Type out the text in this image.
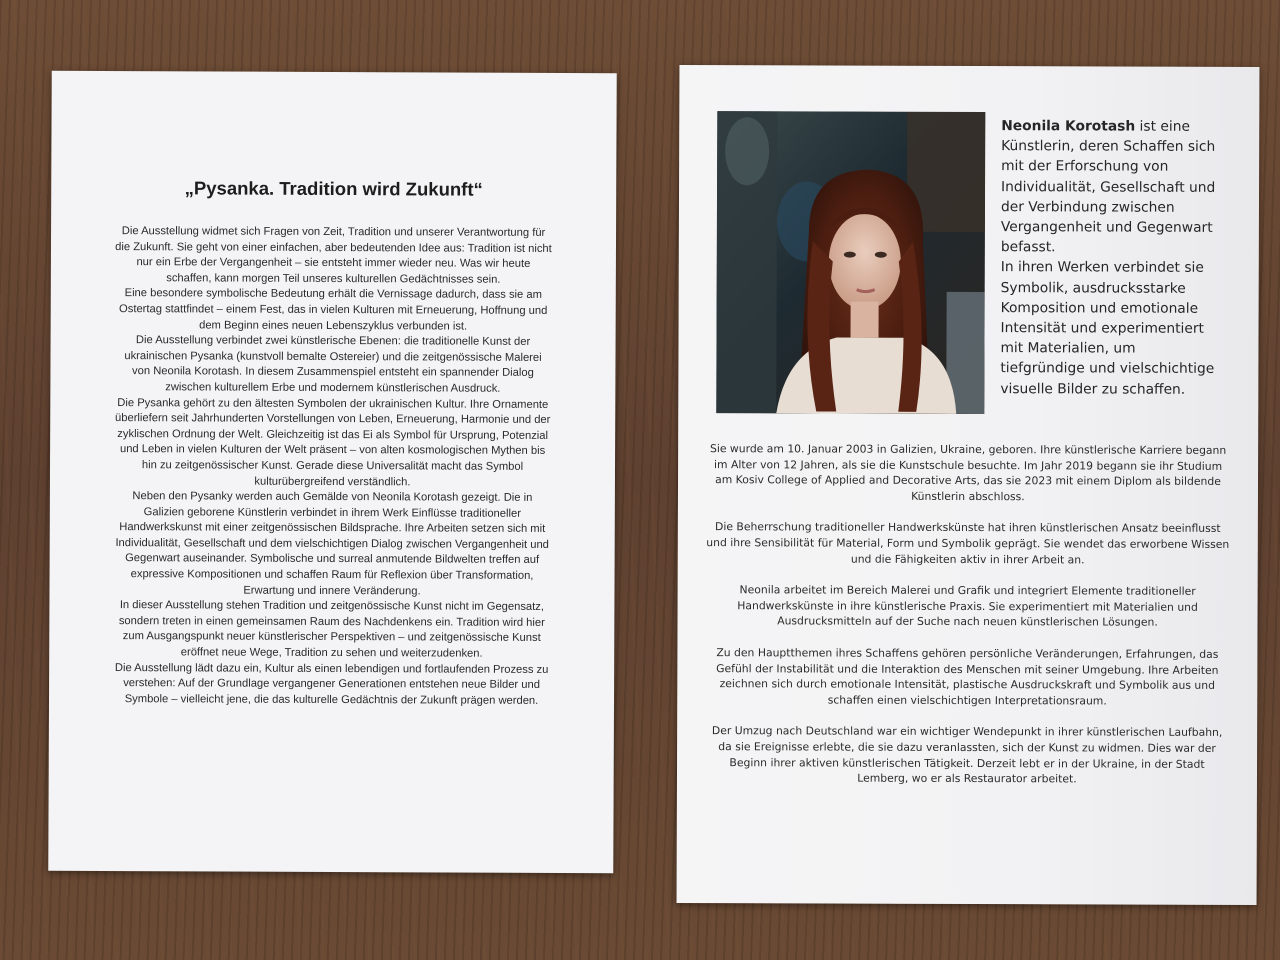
„Pysanka. Tradition wird Zukunft“

Die Ausstellung widmet sich Fragen von Zeit, Tradition und unserer Verantwortung für die Zukunft. Sie geht von einer einfachen, aber bedeutenden Idee aus: Tradition ist nicht nur ein Erbe der Vergangenheit – sie entsteht immer wieder neu. Was wir heute schaffen, kann morgen Teil unseres kulturellen Gedächtnisses sein.

Eine besondere symbolische Bedeutung erhält die Vernissage dadurch, dass sie am Ostertag stattfindet – einem Fest, das in vielen Kulturen mit Erneuerung, Hoffnung und dem Beginn eines neuen Lebenszyklus verbunden ist.

Die Ausstellung verbindet zwei künstlerische Ebenen: die traditionelle Kunst der ukrainischen Pysanka (kunstvoll bemalte Ostereier) und die zeitgenössische Malerei von Neonila Korotash. In diesem Zusammenspiel entsteht ein spannender Dialog zwischen kulturellem Erbe und modernem künstlerischen Ausdruck.

Die Pysanka gehört zu den ältesten Symbolen der ukrainischen Kultur. Ihre Ornamente überliefern seit Jahrhunderten Vorstellungen von Leben, Erneuerung, Harmonie und der zyklischen Ordnung der Welt. Gleichzeitig ist das Ei als Symbol für Ursprung, Potenzial und Leben in vielen Kulturen der Welt präsent – von alten kosmologischen Mythen bis hin zu zeitgenössischer Kunst. Gerade diese Universalität macht das Symbol kulturübergreifend verständlich.

Neben den Pysanky werden auch Gemälde von Neonila Korotash gezeigt. Die in Galizien geborene Künstlerin verbindet in ihrem Werk Einflüsse traditioneller Handwerkskunst mit einer zeitgenössischen Bildsprache. Ihre Arbeiten setzen sich mit Individualität, Gesellschaft und dem vielschichtigen Dialog zwischen Vergangenheit und Gegenwart auseinander. Symbolische und surreal anmutende Bildwelten treffen auf expressive Kompositionen und schaffen Raum für Reflexion über Transformation, Erwartung und innere Veränderung.

In dieser Ausstellung stehen Tradition und zeitgenössische Kunst nicht im Gegensatz, sondern treten in einen gemeinsamen Raum des Nachdenkens ein. Tradition wird hier zum Ausgangspunkt neuer künstlerischer Perspektiven – und zeitgenössische Kunst eröffnet neue Wege, Tradition zu sehen und weiterzudenken.

Die Ausstellung lädt dazu ein, Kultur als einen lebendigen und fortlaufenden Prozess zu verstehen: Auf der Grundlage vergangener Generationen entstehen neue Bilder und Symbole – vielleicht jene, die das kulturelle Gedächtnis der Zukunft prägen werden.

Neonila Korotash ist eine Künstlerin, deren Schaffen sich mit der Erforschung von Individualität, Gesellschaft und der Verbindung zwischen Vergangenheit und Gegenwart befasst.
In ihren Werken verbindet sie Symbolik, ausdrucksstarke Komposition und emotionale Intensität und experimentiert mit Materialien, um tiefgründige und vielschichtige visuelle Bilder zu schaffen.

Sie wurde am 10. Januar 2003 in Galizien, Ukraine, geboren. Ihre künstlerische Karriere begann im Alter von 12 Jahren, als sie die Kunstschule besuchte. Im Jahr 2019 begann sie ihr Studium am Kosiv College of Applied and Decorative Arts, das sie 2023 mit einem Diplom als bildende Künstlerin abschloss.

Die Beherrschung traditioneller Handwerkskünste hat ihren künstlerischen Ansatz beeinflusst und ihre Sensibilität für Material, Form und Symbolik geprägt. Sie wendet das erworbene Wissen und die Fähigkeiten aktiv in ihrer Arbeit an.

Neonila arbeitet im Bereich Malerei und Grafik und integriert Elemente traditioneller Handwerkskünste in ihre künstlerische Praxis. Sie experimentiert mit Materialien und Ausdrucksmitteln auf der Suche nach neuen künstlerischen Lösungen.

Zu den Hauptthemen ihres Schaffens gehören persönliche Veränderungen, Erfahrungen, das Gefühl der Instabilität und die Interaktion des Menschen mit seiner Umgebung. Ihre Arbeiten zeichnen sich durch emotionale Intensität, plastische Ausdruckskraft und Symbolik aus und schaffen einen vielschichtigen Interpretationsraum.

Der Umzug nach Deutschland war ein wichtiger Wendepunkt in ihrer künstlerischen Laufbahn, da sie Ereignisse erlebte, die sie dazu veranlassten, sich der Kunst zu widmen. Dies war der Beginn ihrer aktiven künstlerischen Tätigkeit. Derzeit lebt er in der Ukraine, in der Stadt Lemberg, wo er als Restaurator arbeitet.
